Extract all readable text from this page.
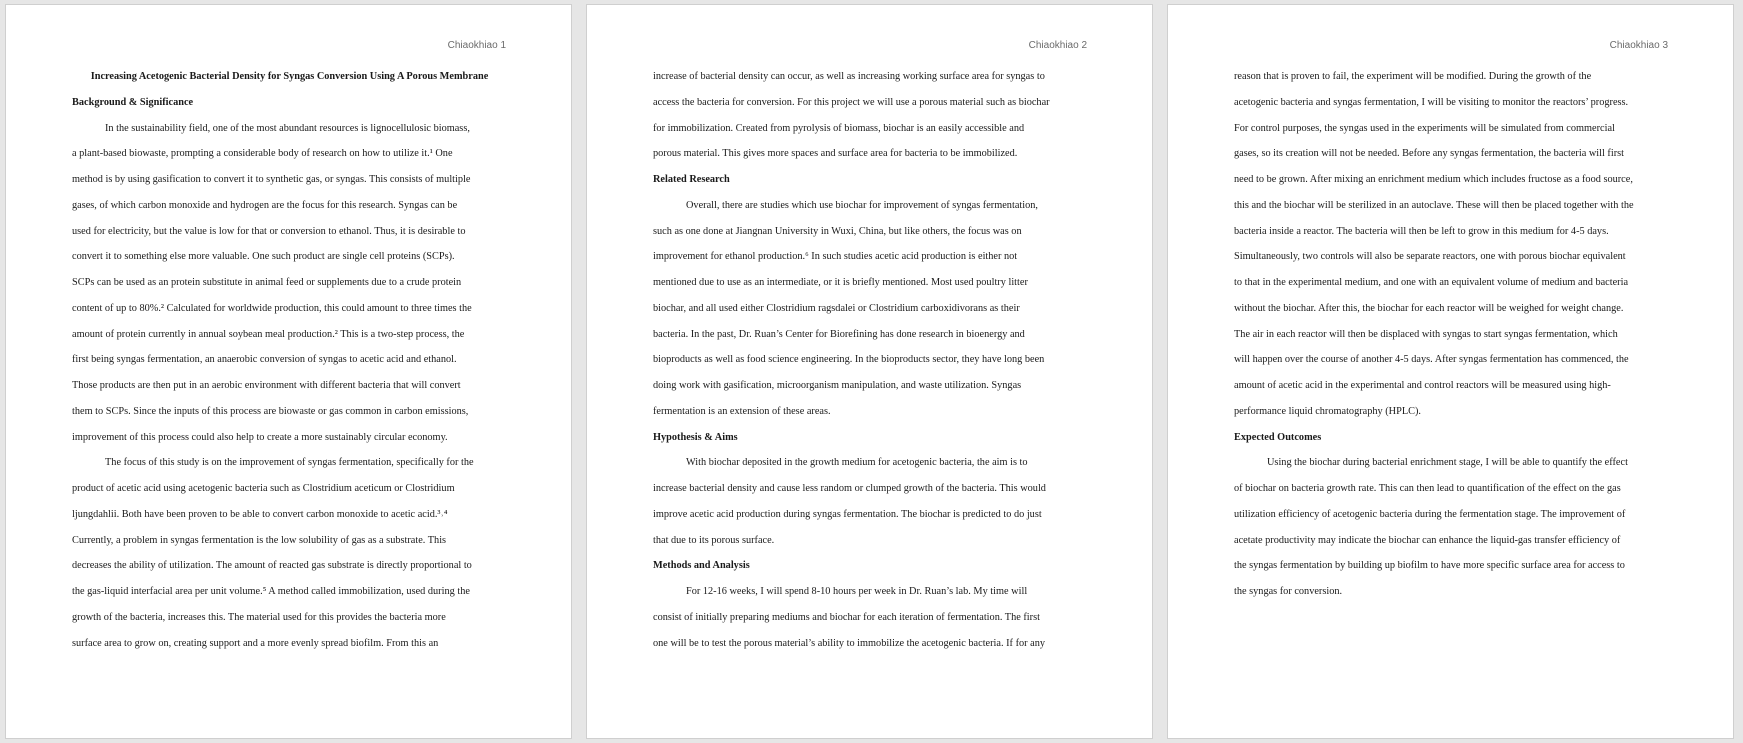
Chiaokhiao 1
Increasing Acetogenic Bacterial Density for Syngas Conversion Using A Porous Membrane
Background & Significance
In the sustainability field, one of the most abundant resources is lignocellulosic biomass,
a plant-based biowaste, prompting a considerable body of research on how to utilize it.¹ One
method is by using gasification to convert it to synthetic gas, or syngas. This consists of multiple
gases, of which carbon monoxide and hydrogen are the focus for this research. Syngas can be
used for electricity, but the value is low for that or conversion to ethanol. Thus, it is desirable to
convert it to something else more valuable. One such product are single cell proteins (SCPs).
SCPs can be used as an protein substitute in animal feed or supplements due to a crude protein
content of up to 80%.² Calculated for worldwide production, this could amount to three times the
amount of protein currently in annual soybean meal production.² This is a two-step process, the
first being syngas fermentation, an anaerobic conversion of syngas to acetic acid and ethanol.
Those products are then put in an aerobic environment with different bacteria that will convert
them to SCPs. Since the inputs of this process are biowaste or gas common in carbon emissions,
improvement of this process could also help to create a more sustainably circular economy.
The focus of this study is on the improvement of syngas fermentation, specifically for the
product of acetic acid using acetogenic bacteria such as Clostridium aceticum or Clostridium
ljungdahlii. Both have been proven to be able to convert carbon monoxide to acetic acid.³˒⁴
Currently, a problem in syngas fermentation is the low solubility of gas as a substrate. This
decreases the ability of utilization. The amount of reacted gas substrate is directly proportional to
the gas-liquid interfacial area per unit volume.⁵ A method called immobilization, used during the
growth of the bacteria, increases this. The material used for this provides the bacteria more
surface area to grow on, creating support and a more evenly spread biofilm. From this an
Chiaokhiao 2
increase of bacterial density can occur, as well as increasing working surface area for syngas to
access the bacteria for conversion. For this project we will use a porous material such as biochar
for immobilization. Created from pyrolysis of biomass, biochar is an easily accessible and
porous material. This gives more spaces and surface area for bacteria to be immobilized.
Related Research
Overall, there are studies which use biochar for improvement of syngas fermentation,
such as one done at Jiangnan University in Wuxi, China, but like others, the focus was on
improvement for ethanol production.⁶ In such studies acetic acid production is either not
mentioned due to use as an intermediate, or it is briefly mentioned. Most used poultry litter
biochar, and all used either Clostridium ragsdalei or Clostridium carboxidivorans as their
bacteria. In the past, Dr. Ruan’s Center for Biorefining has done research in bioenergy and
bioproducts as well as food science engineering. In the bioproducts sector, they have long been
doing work with gasification, microorganism manipulation, and waste utilization. Syngas
fermentation is an extension of these areas.
Hypothesis & Aims
With biochar deposited in the growth medium for acetogenic bacteria, the aim is to
increase bacterial density and cause less random or clumped growth of the bacteria. This would
improve acetic acid production during syngas fermentation. The biochar is predicted to do just
that due to its porous surface.
Methods and Analysis
For 12-16 weeks, I will spend 8-10 hours per week in Dr. Ruan’s lab. My time will
consist of initially preparing mediums and biochar for each iteration of fermentation. The first
one will be to test the porous material’s ability to immobilize the acetogenic bacteria. If for any
Chiaokhiao 3
reason that is proven to fail, the experiment will be modified. During the growth of the
acetogenic bacteria and syngas fermentation, I will be visiting to monitor the reactors’ progress.
For control purposes, the syngas used in the experiments will be simulated from commercial
gases, so its creation will not be needed. Before any syngas fermentation, the bacteria will first
need to be grown. After mixing an enrichment medium which includes fructose as a food source,
this and the biochar will be sterilized in an autoclave. These will then be placed together with the
bacteria inside a reactor. The bacteria will then be left to grow in this medium for 4-5 days.
Simultaneously, two controls will also be separate reactors, one with porous biochar equivalent
to that in the experimental medium, and one with an equivalent volume of medium and bacteria
without the biochar. After this, the biochar for each reactor will be weighed for weight change.
The air in each reactor will then be displaced with syngas to start syngas fermentation, which
will happen over the course of another 4-5 days. After syngas fermentation has commenced, the
amount of acetic acid in the experimental and control reactors will be measured using high-
performance liquid chromatography (HPLC).
Expected Outcomes
Using the biochar during bacterial enrichment stage, I will be able to quantify the effect
of biochar on bacteria growth rate. This can then lead to quantification of the effect on the gas
utilization efficiency of acetogenic bacteria during the fermentation stage. The improvement of
acetate productivity may indicate the biochar can enhance the liquid-gas transfer efficiency of
the syngas fermentation by building up biofilm to have more specific surface area for access to
the syngas for conversion.
